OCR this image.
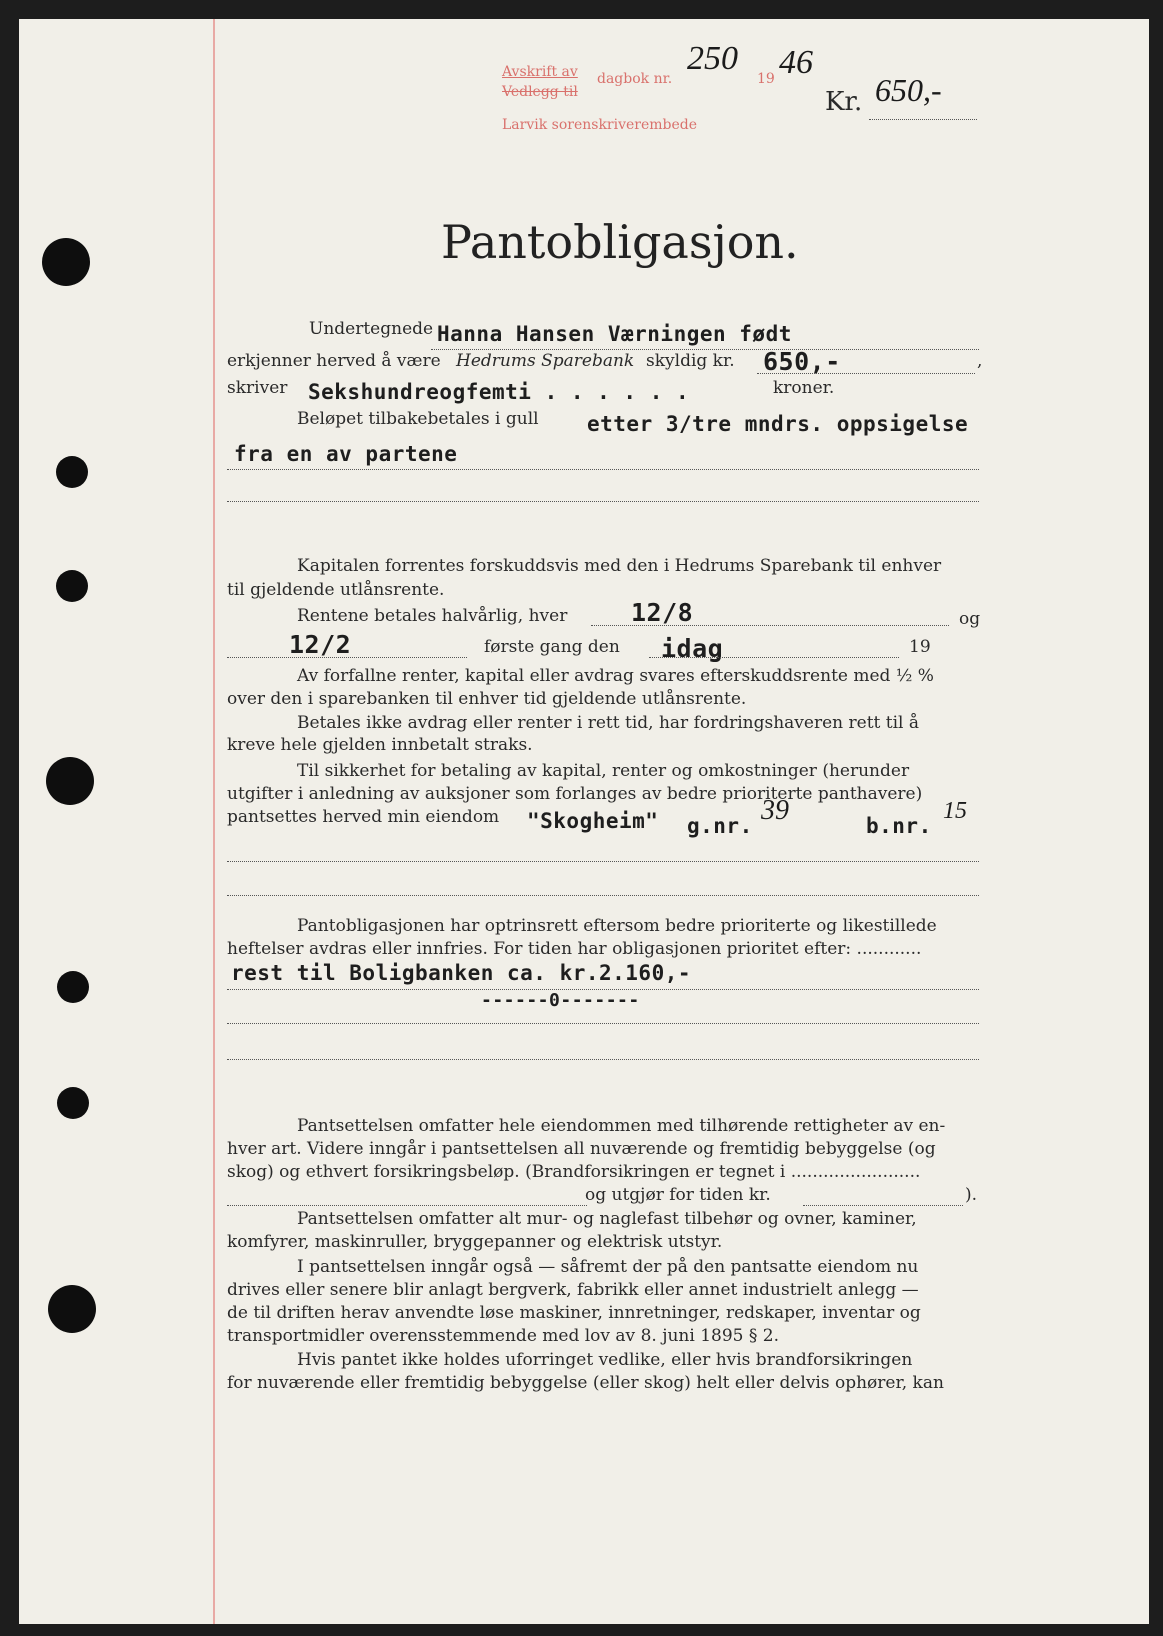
Avskrift av
Vedlegg til
dagbok nr.
250
19 46
Larvik sorenskriverembede
Kr. 650,-
Pantobligasjon.
Undertegnede Hanna Hansen Værningen født
erkjenner herved å være Hedrums Sparebank skyldig kr. 650,-	,
skriver Sekshundreogfemti . . . . . .	kroner.
Beløpet tilbakebetales i gull etter 3/tre mndrs. oppsigelse
fra en av partene
Kapitalen forrentes forskuddsvis med den i Hedrums Sparebank til enhver
til gjeldende utlånsrente.
Rentene betales halvårlig, hver	12/8	og
12/2	første gang den idag	19
Av forfallne renter, kapital eller avdrag svares efterskuddsrente med ½ %
over den i sparebanken til enhver tid gjeldende utlånsrente.
Betales ikke avdrag eller renter i rett tid, har fordringshaveren rett til å
kreve hele gjelden innbetalt straks.
Til sikkerhet for betaling av kapital, renter og omkostninger (herunder
utgifter i anledning av auksjoner som forlanges av bedre prioriterte panthavere)
pantsettes herved min eiendom "Skogheim" g.nr. 39	b.nr.
15
Pantobligasjonen har optrinsrett eftersom bedre prioriterte og likestillede
heftelser avdras eller innfries. For tiden har obligasjonen prioritet efter: ............
rest til Boligbanken ca. kr.2.160,-
------0-------
Pantsettelsen omfatter hele eiendommen med tilhørende rettigheter av en-
hver art. Videre inngår i pantsettelsen all nuværende og fremtidig bebyggelse (og
skog) og ethvert forsikringsbeløp. (Brandforsikringen er tegnet i ........................
og utgjør for tiden kr.	).
Pantsettelsen omfatter alt mur- og naglefast tilbehør og ovner, kaminer,
komfyrer, maskinruller, bryggepanner og elektrisk utstyr.
I pantsettelsen inngår også — såfremt der på den pantsatte eiendom nu
drives eller senere blir anlagt bergverk, fabrikk eller annet industrielt anlegg —
de til driften herav anvendte løse maskiner, innretninger, redskaper, inventar og
transportmidler overensstemmende med lov av 8. juni 1895 § 2.
Hvis pantet ikke holdes uforringet vedlike, eller hvis brandforsikringen
for nuværende eller fremtidig bebyggelse (eller skog) helt eller delvis ophører, kan
